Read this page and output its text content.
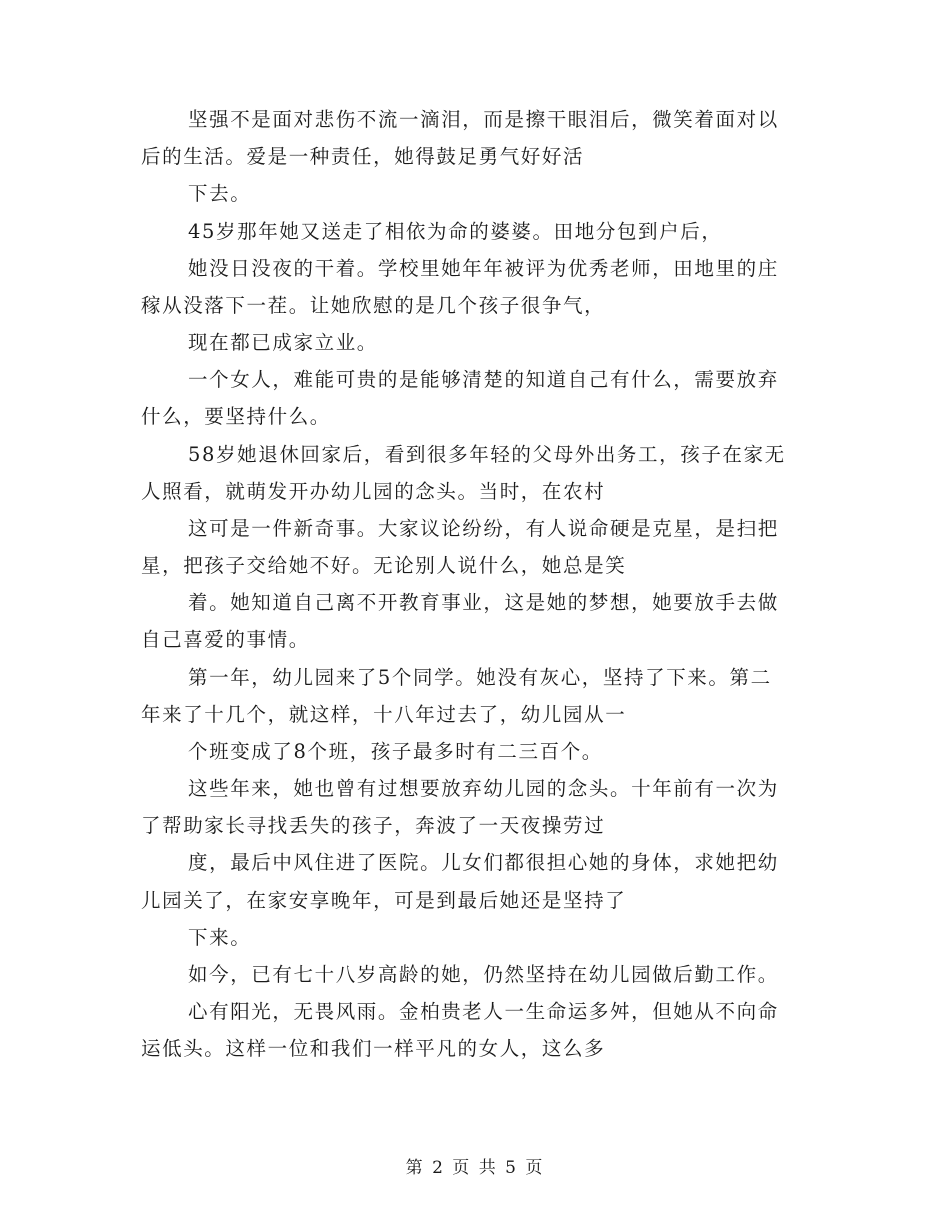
坚强不是面对悲伤不流一滴泪，而是擦干眼泪后，微笑着面对以
后的生活。爱是一种责任，她得鼓足勇气好好活
下去。
45岁那年她又送走了相依为命的婆婆。田地分包到户后，
她没日没夜的干着。学校里她年年被评为优秀老师，田地里的庄
稼从没落下一茬。让她欣慰的是几个孩子很争气，
现在都已成家立业。
一个女人，难能可贵的是能够清楚的知道自己有什么，需要放弃
什么，要坚持什么。
58岁她退休回家后，看到很多年轻的父母外出务工，孩子在家无
人照看，就萌发开办幼儿园的念头。当时，在农村
这可是一件新奇事。大家议论纷纷，有人说命硬是克星，是扫把
星，把孩子交给她不好。无论别人说什么，她总是笑
着。她知道自己离不开教育事业，这是她的梦想，她要放手去做
自己喜爱的事情。
第一年，幼儿园来了5个同学。她没有灰心，坚持了下来。第二
年来了十几个，就这样，十八年过去了，幼儿园从一
个班变成了8个班，孩子最多时有二三百个。
这些年来，她也曾有过想要放弃幼儿园的念头。十年前有一次为
了帮助家长寻找丢失的孩子，奔波了一天夜操劳过
度，最后中风住进了医院。儿女们都很担心她的身体，求她把幼
儿园关了，在家安享晚年，可是到最后她还是坚持了
下来。
如今，已有七十八岁高龄的她，仍然坚持在幼儿园做后勤工作。
心有阳光，无畏风雨。金柏贵老人一生命运多舛，但她从不向命
运低头。这样一位和我们一样平凡的女人，这么多
第 2 页 共 5 页
